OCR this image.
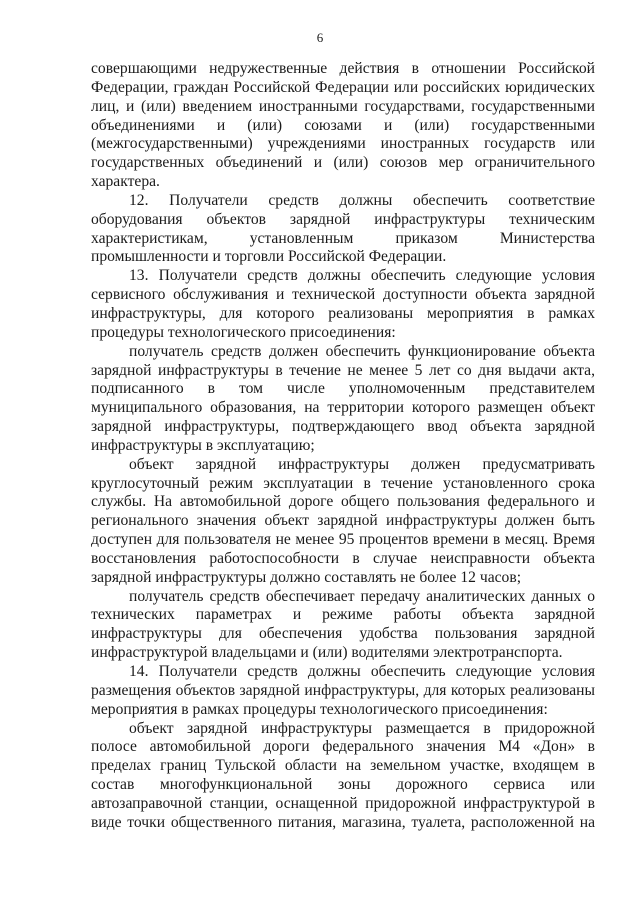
6

совершающими недружественные действия в отношении Российской Федерации, граждан Российской Федерации или российских юридических лиц, и (или) введением иностранными государствами, государственными объединениями и (или) союзами и (или) государственными (межгосударственными) учреждениями иностранных государств или государственных объединений и (или) союзов мер ограничительного характера.

12. Получатели средств должны обеспечить соответствие оборудования объектов зарядной инфраструктуры техническим характеристикам, установленным приказом Министерства промышленности и торговли Российской Федерации.

13. Получатели средств должны обеспечить следующие условия сервисного обслуживания и технической доступности объекта зарядной инфраструктуры, для которого реализованы мероприятия в рамках процедуры технологического присоединения:

получатель средств должен обеспечить функционирование объекта зарядной инфраструктуры в течение не менее 5 лет со дня выдачи акта, подписанного в том числе уполномоченным представителем муниципального образования, на территории которого размещен объект зарядной инфраструктуры, подтверждающего ввод объекта зарядной инфраструктуры в эксплуатацию;

объект зарядной инфраструктуры должен предусматривать круглосуточный режим эксплуатации в течение установленного срока службы. На автомобильной дороге общего пользования федерального и регионального значения объект зарядной инфраструктуры должен быть доступен для пользователя не менее 95 процентов времени в месяц. Время восстановления работоспособности в случае неисправности объекта зарядной инфраструктуры должно составлять не более 12 часов;

получатель средств обеспечивает передачу аналитических данных о технических параметрах и режиме работы объекта зарядной инфраструктуры для обеспечения удобства пользования зарядной инфраструктурой владельцами и (или) водителями электротранспорта.

14. Получатели средств должны обеспечить следующие условия размещения объектов зарядной инфраструктуры, для которых реализованы мероприятия в рамках процедуры технологического присоединения:

объект зарядной инфраструктуры размещается в придорожной полосе автомобильной дороги федерального значения М4 «Дон» в пределах границ Тульской области на земельном участке, входящем в состав многофункциональной зоны дорожного сервиса или автозаправочной станции, оснащенной придорожной инфраструктурой в виде точки общественного питания, магазина, туалета, расположенной на
